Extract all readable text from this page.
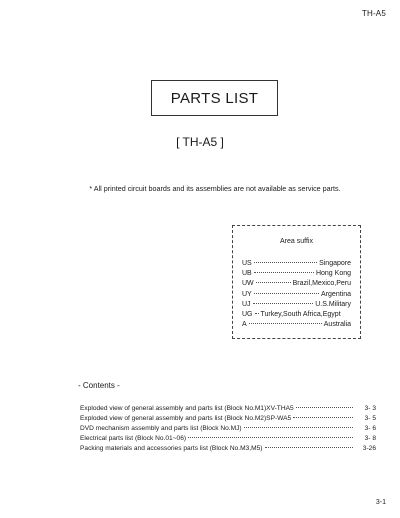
TH-A5
PARTS LIST
[ TH-A5 ]
* All printed circuit boards and its assemblies are not available as service parts.
Area suffix
US	Singapore
UB	Hong Kong
UW	Brazil,Mexico,Peru
UY	Argentina
UJ	U.S.Military
UG Turkey,South Africa,Egypt
A	Australia
- Contents -
Exploded view of general assembly and parts list (Block No.M1)XV-THA5	3- 3
Exploded view of general assembly and parts list (Block No.M2)SP-WA5	3- 5
DVD mechanism assembly and parts list (Block No.MJ)	3- 6
Electrical parts list (Block No.01~06)	3- 8
Packing materials and accessories parts list (Block No.M3,M5)	3-26
3-1
